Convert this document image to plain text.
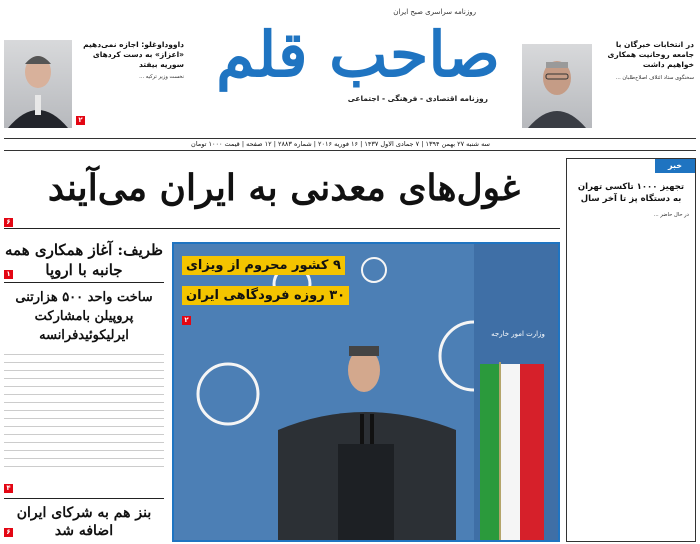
روزنامه سراسری صبح ایران
صاحب قلم
روزنامه اقتصادی - فرهنگی - اجتماعی
در انتخابات خبرگان با جامعه روحانیت همکاری خواهیم داشت
سخنگوی ستاد ائتلاف اصلاح‌طلبان ...
داووداوغلو: اجازه نمی‌دهیم «اعزاز» به دست کردهای سوریه بیفتد
نخست وزیر ترکیه ...
۲
سه شنبه ۲۷ بهمن ۱۳۹۴ | ۷ جمادی الاول ۱۴۳۷ | ۱۶ فوریه ۲۰۱۶ | شماره ۲۸۸۳ | ۱۲ صفحه | قیمت ۱۰۰۰ تومان
غول‌های معدنی به ایران می‌آیند
۶
خبر
تجهیز ۱۰۰۰ تاکسی تهران به دستگاه پز تا آخر سال
در حال حاضر ...
وزارت امور خارجه
۹ کشور محروم از ویزای
۳۰ روزه فرودگاهی ایران
۲
ظریف: آغاز همکاری همه جانبه با اروپا
۱
ساخت واحد ۵۰۰ هزارتنی پروپیلن بامشارکت ایرلیکوئیدفرانسه
۴
بنز هم به شرکای ایران اضافه شد
۶
